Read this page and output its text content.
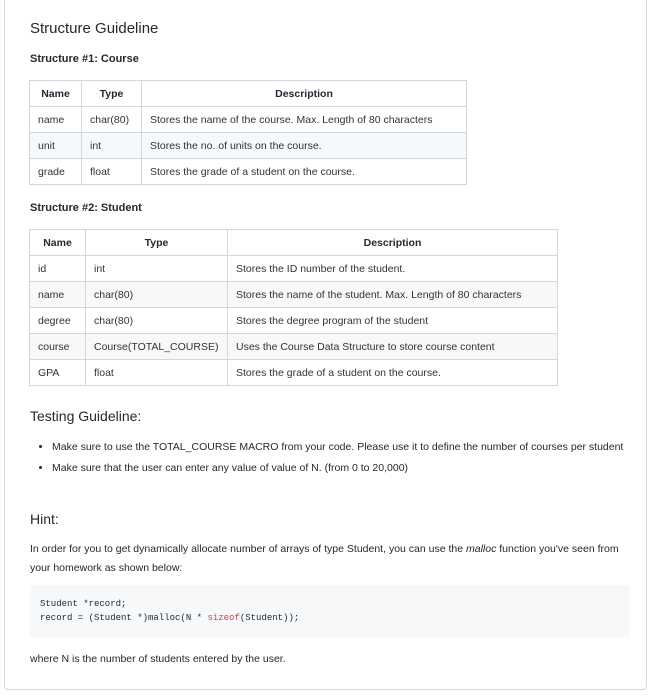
Structure Guideline

Structure #1: Course

Name	Type	Description
name	char(80)	Stores the name of the course. Max. Length of 80 characters
unit	int	Stores the no. of units on the course.
grade	float	Stores the grade of a student on the course.

Structure #2: Student

Name	Type	Description
id	int	Stores the ID number of the student.
name	char(80)	Stores the name of the student. Max. Length of 80 characters
degree	char(80)	Stores the degree program of the student
course	Course(TOTAL_COURSE)	Uses the Course Data Structure to store course content
GPA	float	Stores the grade of a student on the course.
Testing Guideline:
• Make sure to use the TOTAL_COURSE MACRO from your code. Please use it to define the number of courses per student
• Make sure that the user can enter any value of value of N. (from 0 to 20,000)
Hint:

In order for you to get dynamically allocate number of arrays of type Student, you can use the malloc function you've seen from your homework as shown below:

Student *record;
record = (Student *)malloc(N * sizeof(Student));

where N is the number of students entered by the user.
